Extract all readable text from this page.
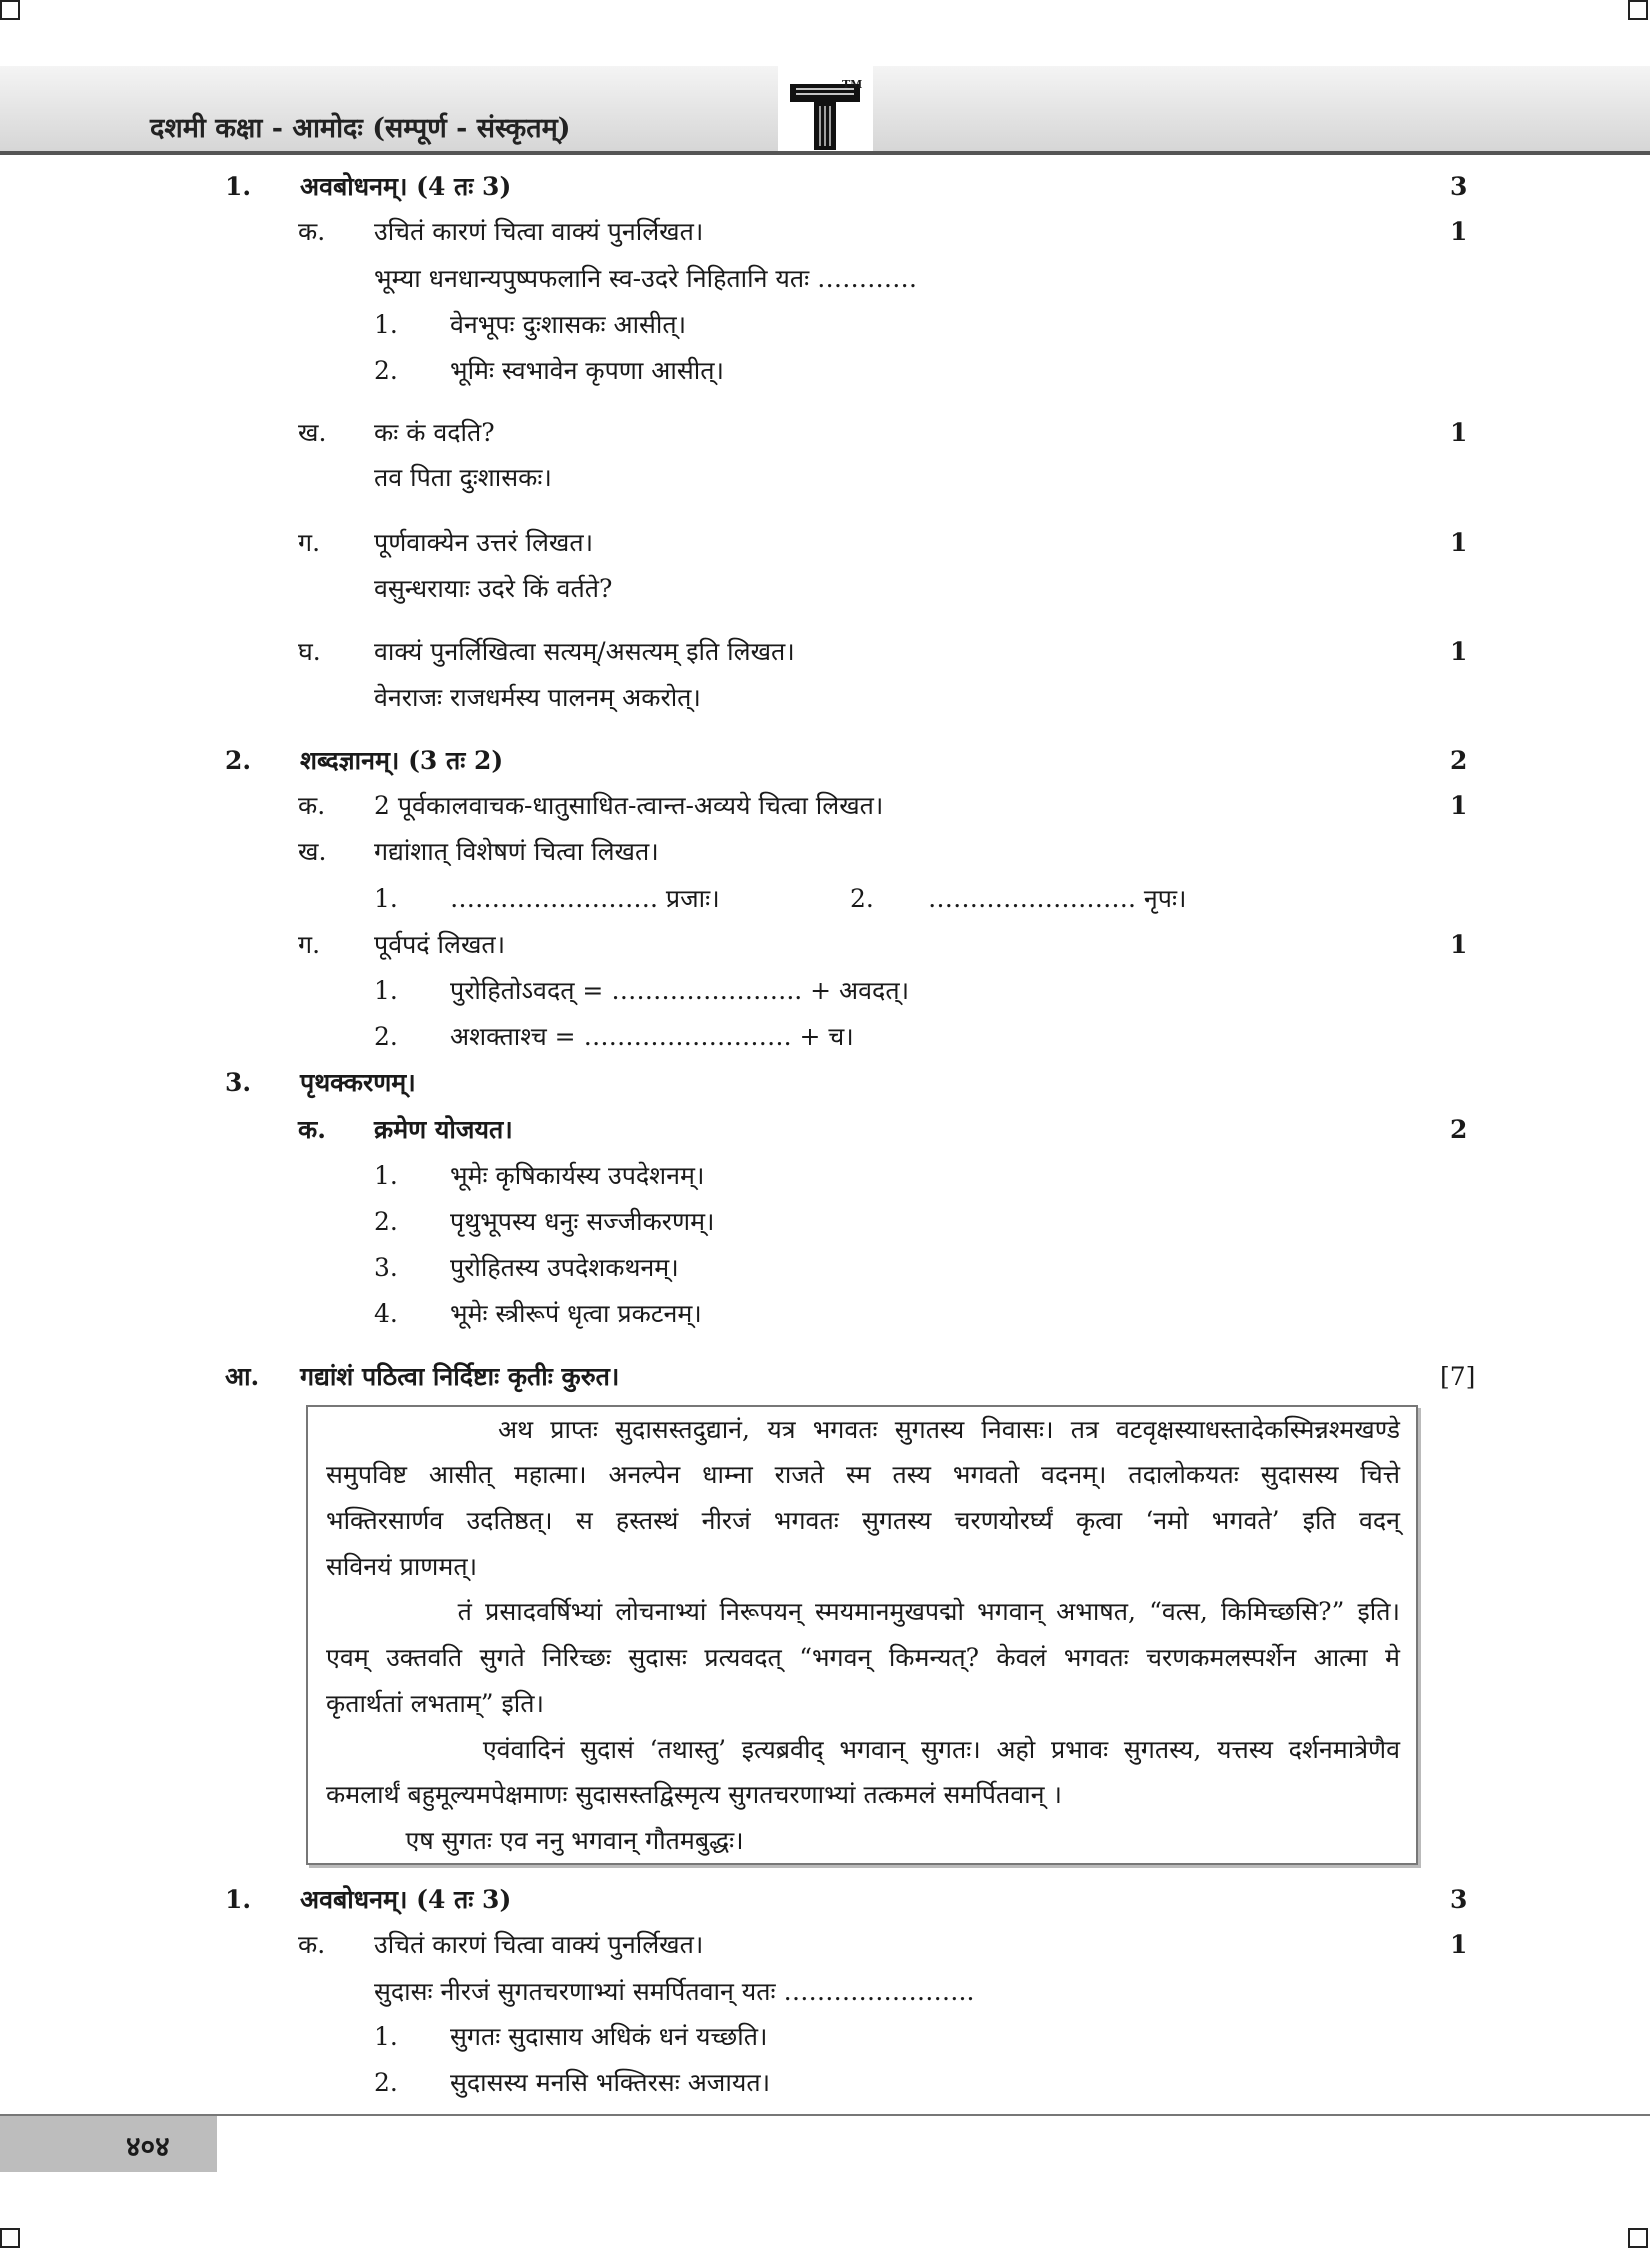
दशमी कक्षा - आमोदः (सम्पूर्ण - संस्कृतम्)
TM
1. अवबोधनम्। (4 तः 3)
क. उचितं कारणं चित्वा वाक्यं पुनर्लिखत।
भूम्या धनधान्यपुष्पफलानि स्व-उदरे निहितानि यतः …………
1. वेनभूपः दुःशासकः आसीत्।
2. भूमिः स्वभावेन कृपणा आसीत्।
ख. कः कं वदति?
तव पिता दुःशासकः।
ग. पूर्णवाक्येन उत्तरं लिखत।
वसुन्धरायाः उदरे किं वर्तते?
घ. वाक्यं पुनर्लिखित्वा सत्यम्/असत्यम् इति लिखत।
वेनराजः राजधर्मस्य पालनम् अकरोत्।
2. शब्दज्ञानम्। (3 तः 2)
क. 2 पूर्वकालवाचक-धातुसाधित-त्वान्त-अव्यये चित्वा लिखत।
ख. गद्यांशात् विशेषणं चित्वा लिखत।
1. ……………………. प्रजाः।	2. ……………………. नृपः।
ग. पूर्वपदं लिखत।
1. पुरोहितोऽवदत् = ………………….. + अवदत्।
2. अशक्ताश्च = ……………………. + च।
3. पृथक्करणम्।
क. क्रमेण योजयत।
1. भूमेः कृषिकार्यस्य उपदेशनम्।
2. पृथुभूपस्य धनुः सज्जीकरणम्।
3. पुरोहितस्य उपदेशकथनम्।
4. भूमेः स्त्रीरूपं धृत्वा प्रकटनम्।
आ. गद्यांशं पठित्वा निर्दिष्टाः कृतीः कुरुत।
1. अवबोधनम्। (4 तः 3)
क. उचितं कारणं चित्वा वाक्यं पुनर्लिखत।
सुदासः नीरजं सुगतचरणाभ्यां समर्पितवान् यतः …………………..
1. सुगतः सुदासाय अधिकं धनं यच्छति।
2. सुदासस्य मनसि भक्तिरसः अजायत।
3
1
1
1
1
2
1
1
2
[7]
3
1
अथ प्राप्तः सुदासस्तदुद्यानं, यत्र भगवतः सुगतस्य निवासः। तत्र वटवृक्षस्याधस्तादेकस्मिन्नश्मखण्डे
समुपविष्ट आसीत् महात्मा। अनल्पेन धाम्ना राजते स्म तस्य भगवतो वदनम्। तदालोकयतः सुदासस्य चित्ते
भक्तिरसार्णव उदतिष्ठत्। स हस्तस्थं नीरजं भगवतः सुगतस्य चरणयोरर्घ्यं कृत्वा ‘नमो भगवते’ इति वदन्
सविनयं प्राणमत्।
तं प्रसादवर्षिभ्यां लोचनाभ्यां निरूपयन् स्मयमानमुखपद्मो भगवान् अभाषत, “वत्स, किमिच्छसि?” इति।
एवम् उक्तवति सुगते निरिच्छः सुदासः प्रत्यवदत् “भगवन् किमन्यत्? केवलं भगवतः चरणकमलस्पर्शेन आत्मा मे
कृतार्थतां लभताम्” इति।
एवंवादिनं सुदासं ‘तथास्तु’ इत्यब्रवीद् भगवान् सुगतः। अहो प्रभावः सुगतस्य, यत्तस्य दर्शनमात्रेणैव
कमलार्थं बहुमूल्यमपेक्षमाणः सुदासस्तद्विस्मृत्य सुगतचरणाभ्यां तत्कमलं समर्पितवान् ।
एष सुगतः एव ननु भगवान् गौतमबुद्धः।
४०४
